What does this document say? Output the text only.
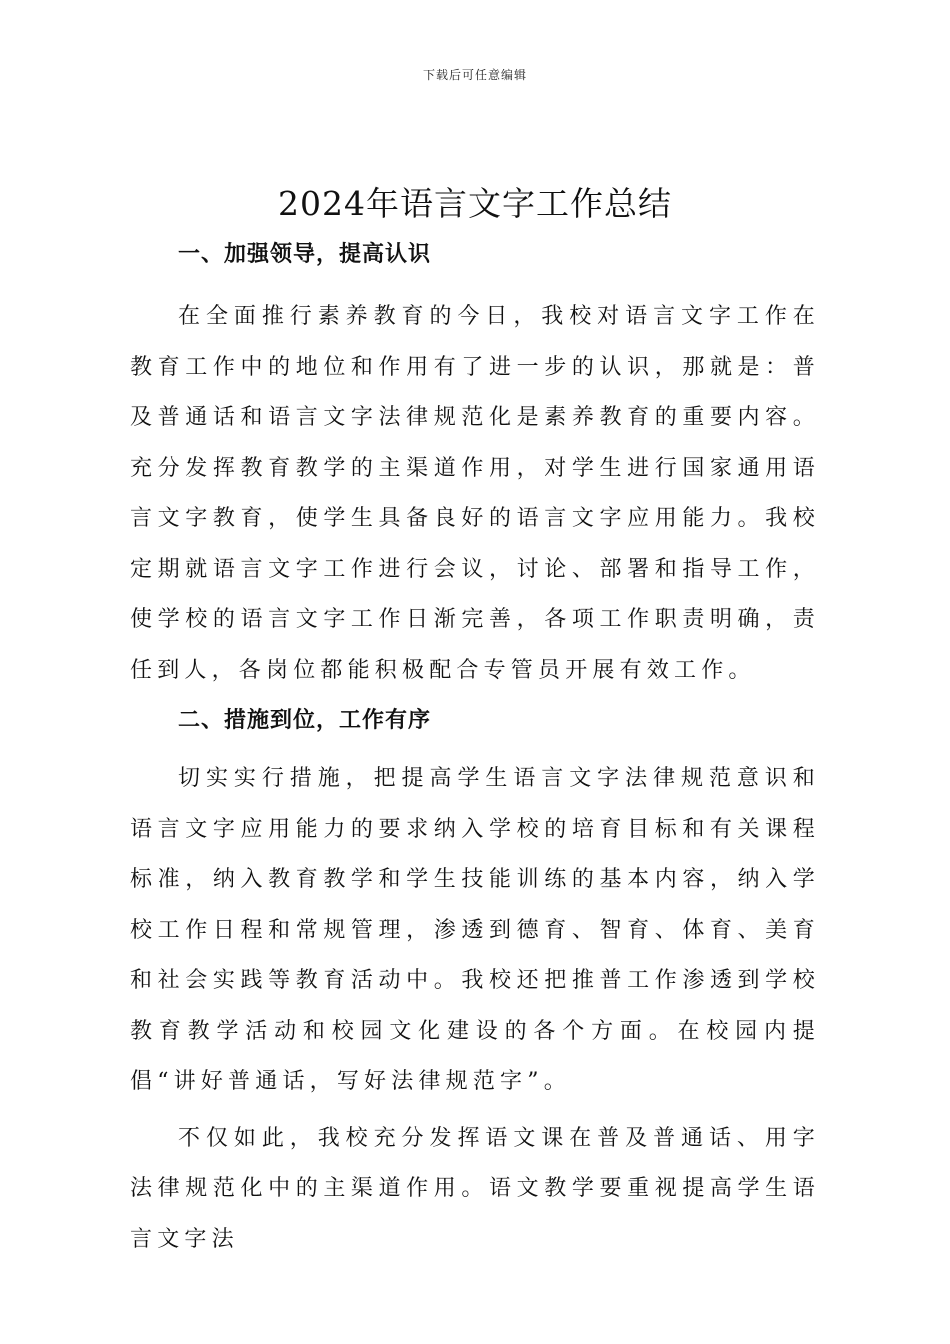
下载后可任意编辑
2024年语言文字工作总结

一、加强领导，提高认识

在全面推行素养教育的今日，我校对语言文字工作在教育工作中的地位和作用有了进一步的认识，那就是：普及普通话和语言文字法律规范化是素养教育的重要内容。充分发挥教育教学的主渠道作用，对学生进行国家通用语言文字教育，使学生具备良好的语言文字应用能力。我校定期就语言文字工作进行会议，讨论、部署和指导工作，使学校的语言文字工作日渐完善，各项工作职责明确，责任到人，各岗位都能积极配合专管员开展有效工作。

二、措施到位，工作有序

切实实行措施，把提高学生语言文字法律规范意识和语言文字应用能力的要求纳入学校的培育目标和有关课程标准，纳入教育教学和学生技能训练的基本内容，纳入学校工作日程和常规管理，渗透到德育、智育、体育、美育和社会实践等教育活动中。我校还把推普工作渗透到学校教育教学活动和校园文化建设的各个方面。在校园内提倡“讲好普通话，写好法律规范字”。

不仅如此，我校充分发挥语文课在普及普通话、用字法律规范化中的主渠道作用。语文教学要重视提高学生语言文字法
